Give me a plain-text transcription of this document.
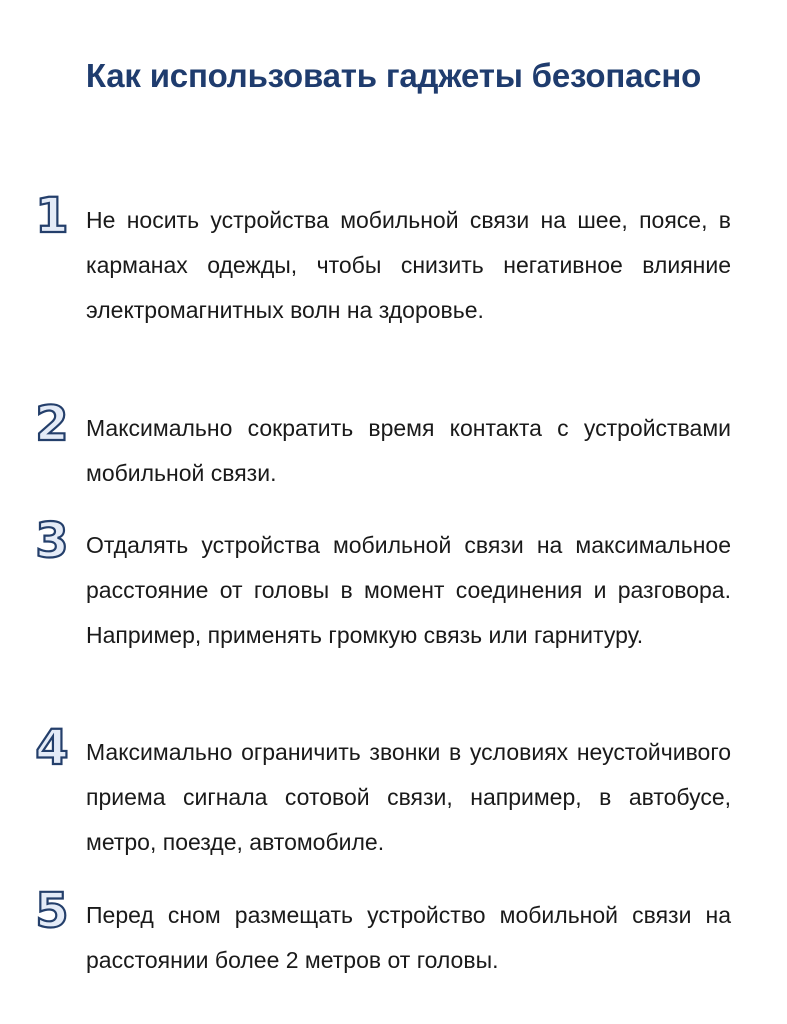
Как использовать гаджеты безопасно
1 Не носить устройства мобильной связи на шее, поясе, в карманах одежды, чтобы снизить негативное влияние электромагнитных волн на здоровье.

2 Максимально сократить время контакта с устройствами мобильной связи.

3 Отдалять устройства мобильной связи на максимальное расстояние от головы в момент соединения и разговора. Например, применять громкую связь или гарнитуру.

4 Максимально ограничить звонки в условиях неустойчивого приема сигнала сотовой связи, например, в автобусе, метро, поезде, автомобиле.

5 Перед сном размещать устройство мобильной связи на расстоянии более 2 метров от головы.
